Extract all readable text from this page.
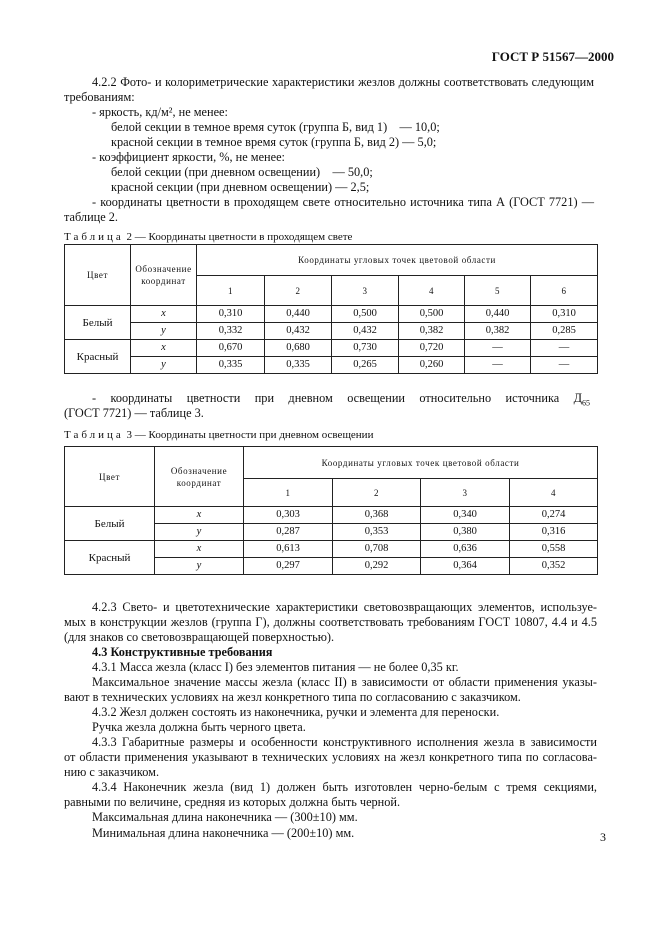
ГОСТ Р 51567—2000
4.2.2 Фото- и колориметрические характеристики жезлов должны соответствовать следующим
требованиям:
- яркость, кд/м², не менее:
белой секции в темное время суток (группа Б, вид 1)    — 10,0;
красной секции в темное время суток (группа Б, вид 2) — 5,0;
- коэффициент яркости, %, не менее:
белой секции (при дневном освещении)    — 50,0;
красной секции (при дневном освещении) — 2,5;
- координаты цветности в проходящем свете относительно источника типа А (ГОСТ 7721) —
таблице 2.
Таблица 2 — Координаты цветности в проходящем свете
Цвет	Обозначение координат	Координаты угловых точек цветовой области					
		1	2	3	4	5	6
Белый	x	0,310	0,440	0,500	0,500	0,440	0,310
	y	0,332	0,432	0,432	0,382	0,382	0,285
Красный	x	0,670	0,680	0,730	0,720	—	—
	y	0,335	0,335	0,265	0,260	—	—
- координаты цветности при дневном освещении относительно источника $Д_{65}$
(ГОСТ 7721) — таблице 3.
Таблица 3 — Координаты цветности при дневном освещении
Цвет	Обозначение координат	Координаты угловых точек цветовой области			
		1	2	3	4
Белый	x	0,303	0,368	0,340	0,274
	y	0,287	0,353	0,380	0,316
Красный	x	0,613	0,708	0,636	0,558
	y	0,297	0,292	0,364	0,352
4.2.3 Свето- и цветотехнические характеристики световозвращающих элементов, используе-
мых в конструкции жезлов (группа Г), должны соответствовать требованиям ГОСТ 10807, 4.4 и 4.5
(для знаков со световозвращающей поверхностью).
4.3 Конструктивные требования
4.3.1 Масса жезла (класс I) без элементов питания — не более 0,35 кг.
Максимальное значение массы жезла (класс II) в зависимости от области применения указы-
вают в технических условиях на жезл конкретного типа по согласованию с заказчиком.
4.3.2 Жезл должен состоять из наконечника, ручки и элемента для переноски.
Ручка жезла должна быть черного цвета.
4.3.3 Габаритные размеры и особенности конструктивного исполнения жезла в зависимости
от области применения указывают в технических условиях на жезл конкретного типа по согласова-
нию с заказчиком.
4.3.4 Наконечник жезла (вид 1) должен быть изготовлен черно-белым с тремя секциями,
равными по величине, средняя из которых должна быть черной.
Максимальная длина наконечника — (300±10) мм.
Минимальная длина наконечника — (200±10) мм.	3
